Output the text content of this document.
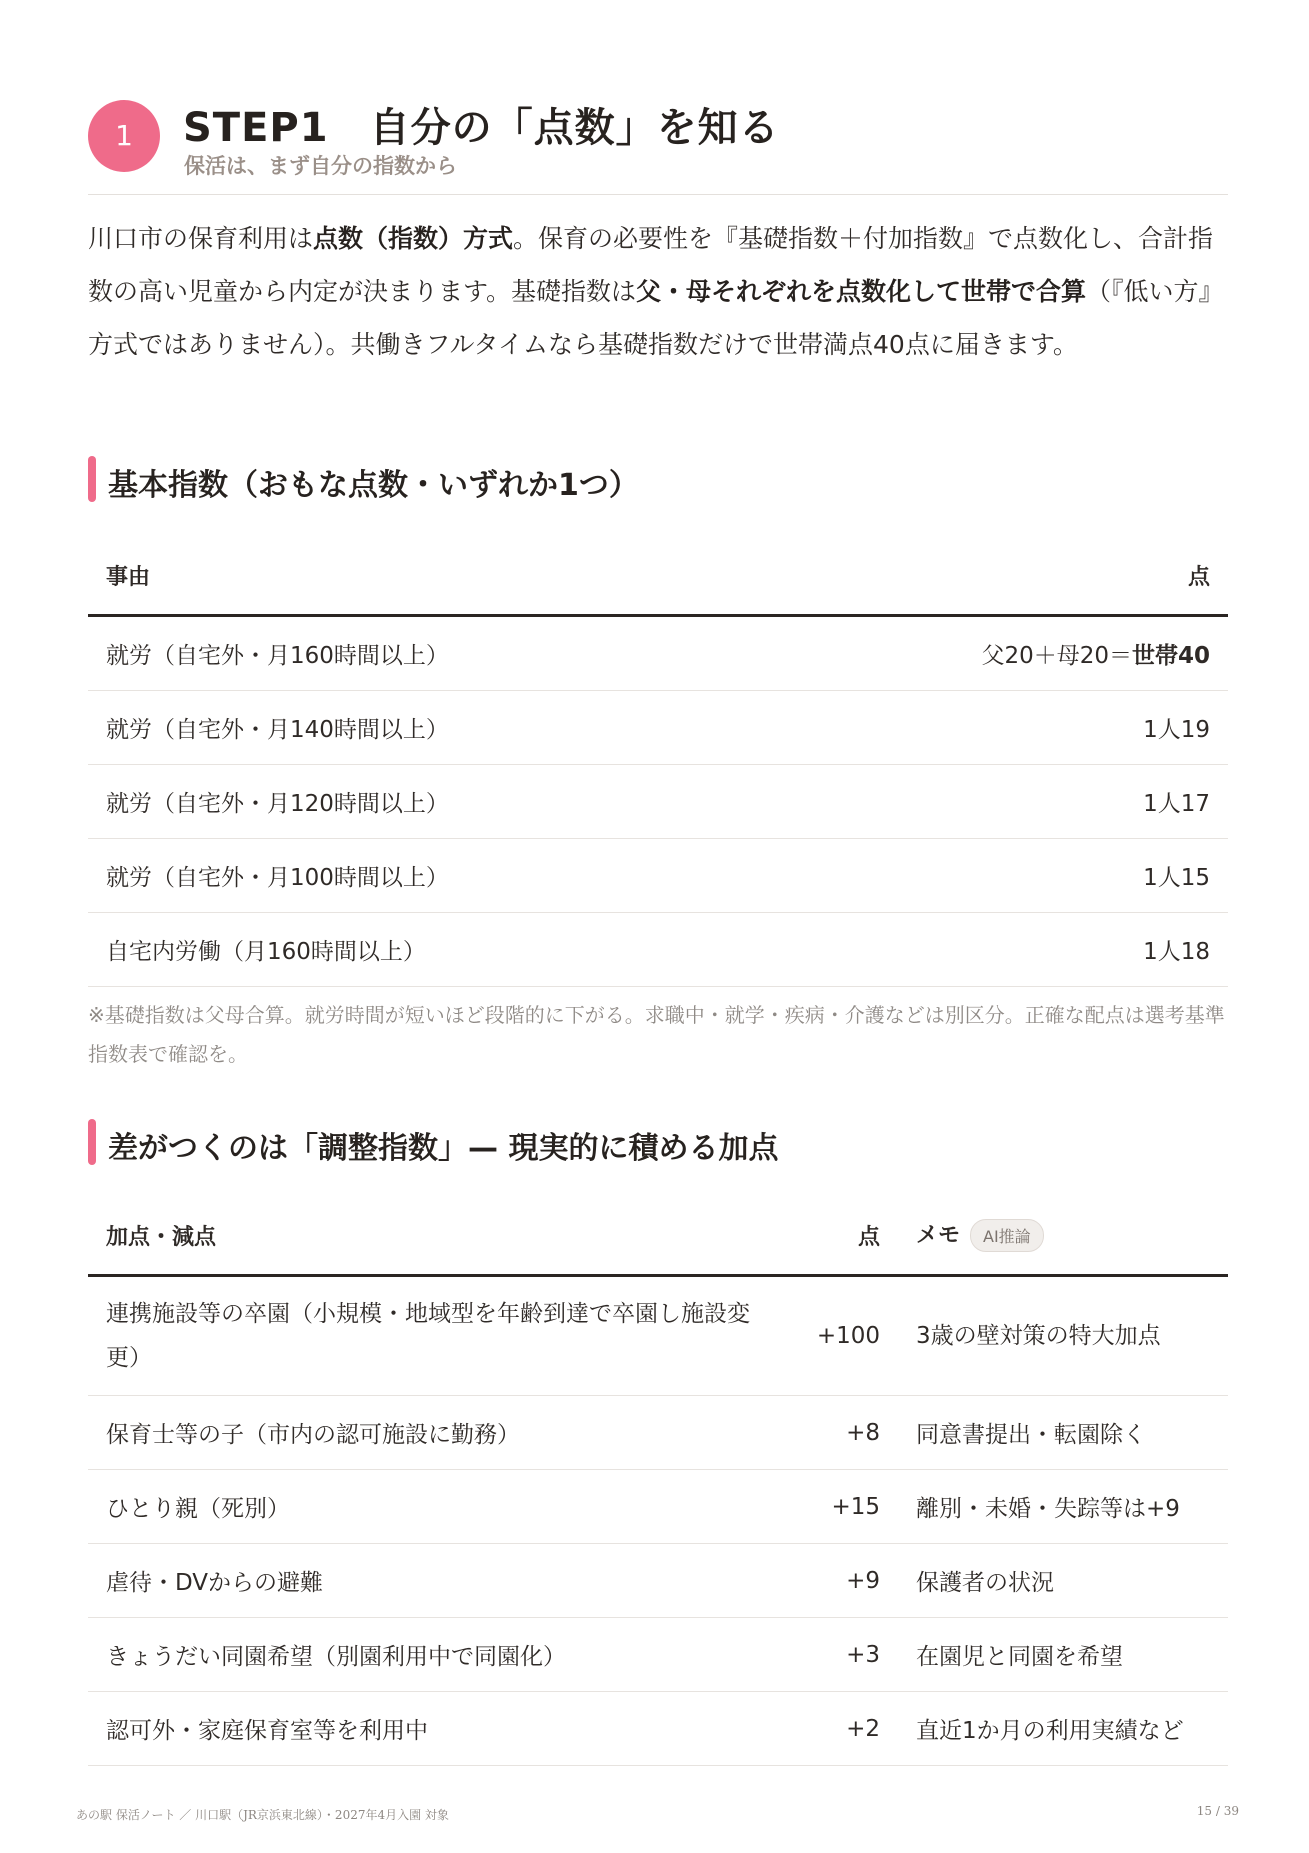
1	STEP1　自分の「点数」を知る
保活は、まず自分の指数から
川口市の保育利用は点数（指数）方式。保育の必要性を『基礎指数＋付加指数』で点数化し、合計指数の高い児童から内定が決まります。基礎指数は父・母それぞれを点数化して世帯で合算（『低い方』方式ではありません）。共働きフルタイムなら基礎指数だけで世帯満点40点に届きます。
基本指数（おもな点数・いずれか1つ）
事由	点
就労（自宅外・月160時間以上）	父20＋母20＝世帯40
就労（自宅外・月140時間以上）	1人19
就労（自宅外・月120時間以上）	1人17
就労（自宅外・月100時間以上）	1人15
自宅内労働（月160時間以上）	1人18
※基礎指数は父母合算。就労時間が短いほど段階的に下がる。求職中・就学・疾病・介護などは別区分。正確な配点は選考基準指数表で確認を。
差がつくのは「調整指数」— 現実的に積める加点
加点・減点	点	メモ AI推論
連携施設等の卒園（小規模・地域型を年齢到達で卒園し施設変更）	+100	3歳の壁対策の特大加点
保育士等の子（市内の認可施設に勤務）	+8	同意書提出・転園除く
ひとり親（死別）	+15	離別・未婚・失踪等は+9
虐待・DVからの避難	+9	保護者の状況
きょうだい同園希望（別園利用中で同園化）	+3	在園児と同園を希望
認可外・家庭保育室等を利用中	+2	直近1か月の利用実績など
あの駅 保活ノート ／ 川口駅（JR京浜東北線）・2027年4月入園 対象	15 / 39
